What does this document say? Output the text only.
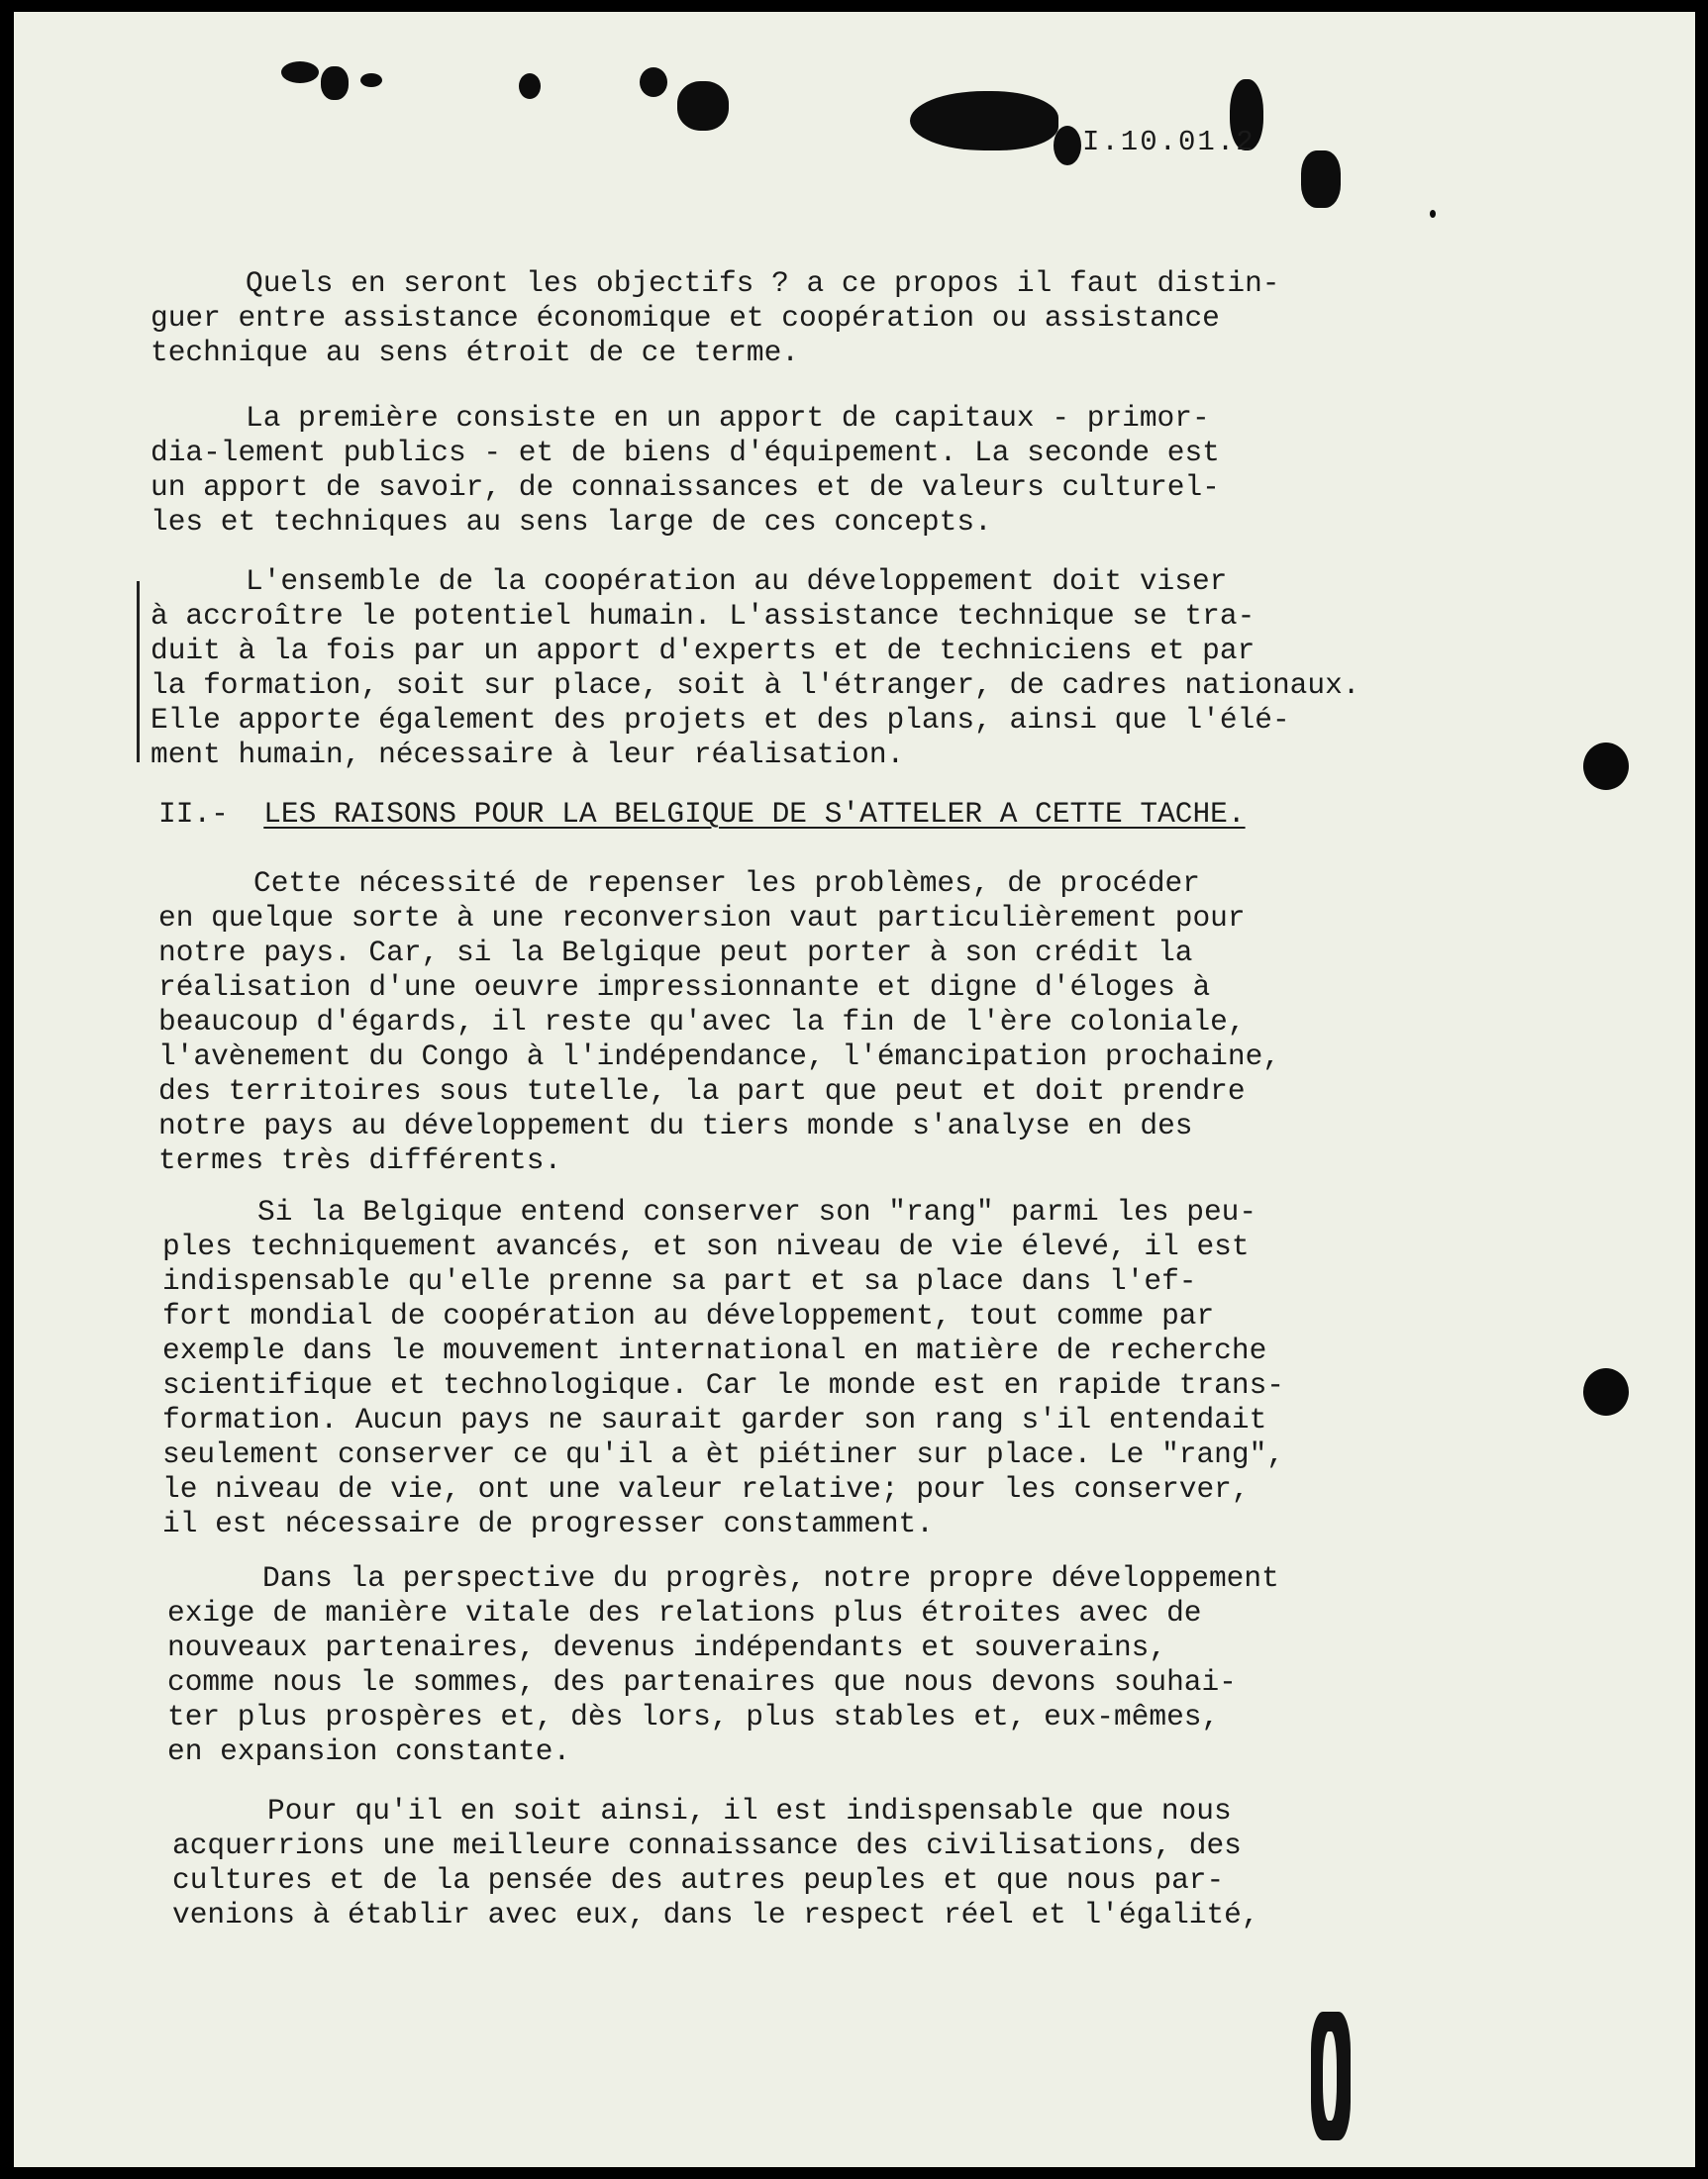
I.10.01.2
Quels en seront les objectifs ? a ce propos il faut distin-
guer entre assistance économique et coopération ou assistance
technique au sens étroit de ce terme.
La première consiste en un apport de capitaux - primor-
dia-lement publics - et de biens d'équipement. La seconde est
un apport de savoir, de connaissances et de valeurs culturel-
les et techniques au sens large de ces concepts.
L'ensemble de la coopération au développement doit viser
à accroître le potentiel humain. L'assistance technique se tra-
duit à la fois par un apport d'experts et de techniciens et par
la formation, soit sur place, soit à l'étranger, de cadres nationaux.
Elle apporte également des projets et des plans, ainsi que l'élé-
ment humain, nécessaire à leur réalisation.
II.- LES RAISONS POUR LA BELGIQUE DE S'ATTELER A CETTE TACHE.
Cette nécessité de repenser les problèmes, de procéder
en quelque sorte à une reconversion vaut particulièrement pour
notre pays. Car, si la Belgique peut porter à son crédit la
réalisation d'une oeuvre impressionnante et digne d'éloges à
beaucoup d'égards, il reste qu'avec la fin de l'ère coloniale,
l'avènement du Congo à l'indépendance, l'émancipation prochaine,
des territoires sous tutelle, la part que peut et doit prendre
notre pays au développement du tiers monde s'analyse en des
termes très différents.
Si la Belgique entend conserver son "rang" parmi les peu-
ples techniquement avancés, et son niveau de vie élevé, il est
indispensable qu'elle prenne sa part et sa place dans l'ef-
fort mondial de coopération au développement, tout comme par
exemple dans le mouvement international en matière de recherche
scientifique et technologique. Car le monde est en rapide trans-
formation. Aucun pays ne saurait garder son rang s'il entendait
seulement conserver ce qu'il a èt piétiner sur place. Le "rang",
le niveau de vie, ont une valeur relative; pour les conserver,
il est nécessaire de progresser constamment.
Dans la perspective du progrès, notre propre développement
exige de manière vitale des relations plus étroites avec de
nouveaux partenaires, devenus indépendants et souverains,
comme nous le sommes, des partenaires que nous devons souhai-
ter plus prospères et, dès lors, plus stables et, eux-mêmes,
en expansion constante.
Pour qu'il en soit ainsi, il est indispensable que nous
acquerrions une meilleure connaissance des civilisations, des
cultures et de la pensée des autres peuples et que nous par-
venions à établir avec eux, dans le respect réel et l'égalité,
